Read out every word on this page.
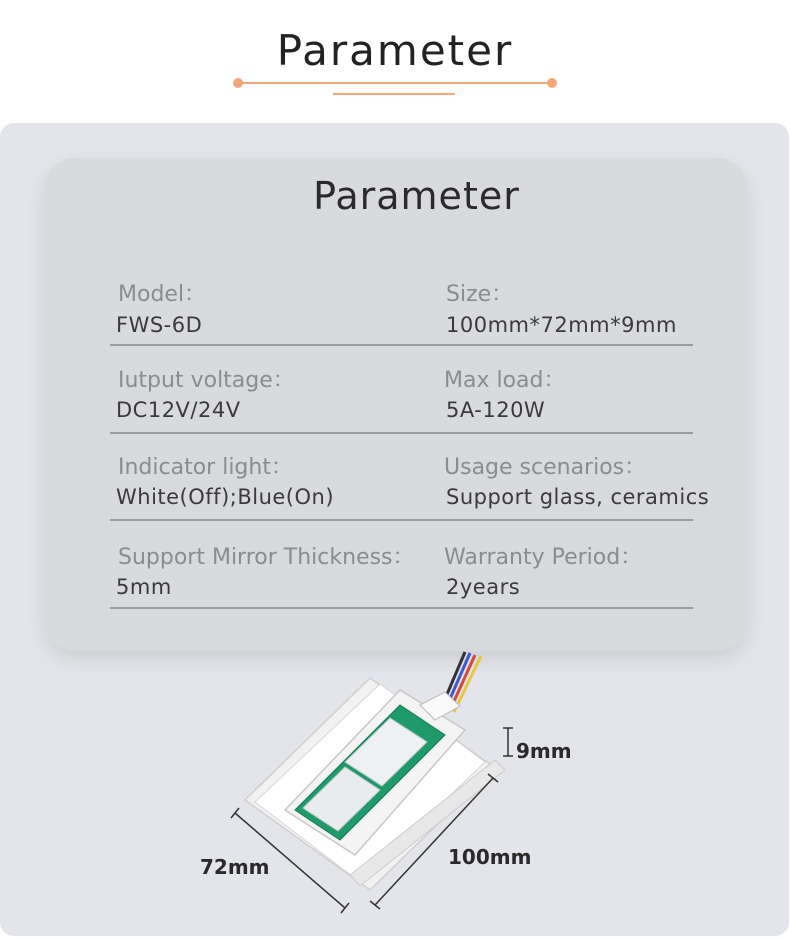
Parameter
Parameter
Model：
FWS-6D
Size：
100mm*72mm*9mm
Iutput voltage：
DC12V/24V
Max load：
5A-120W
Indicator light：
White(Off);Blue(On)
Usage scenarios：
Support glass, ceramics
Support Mirror Thickness：
5mm
Warranty Period：
2years
9mm
72mm	100mm
